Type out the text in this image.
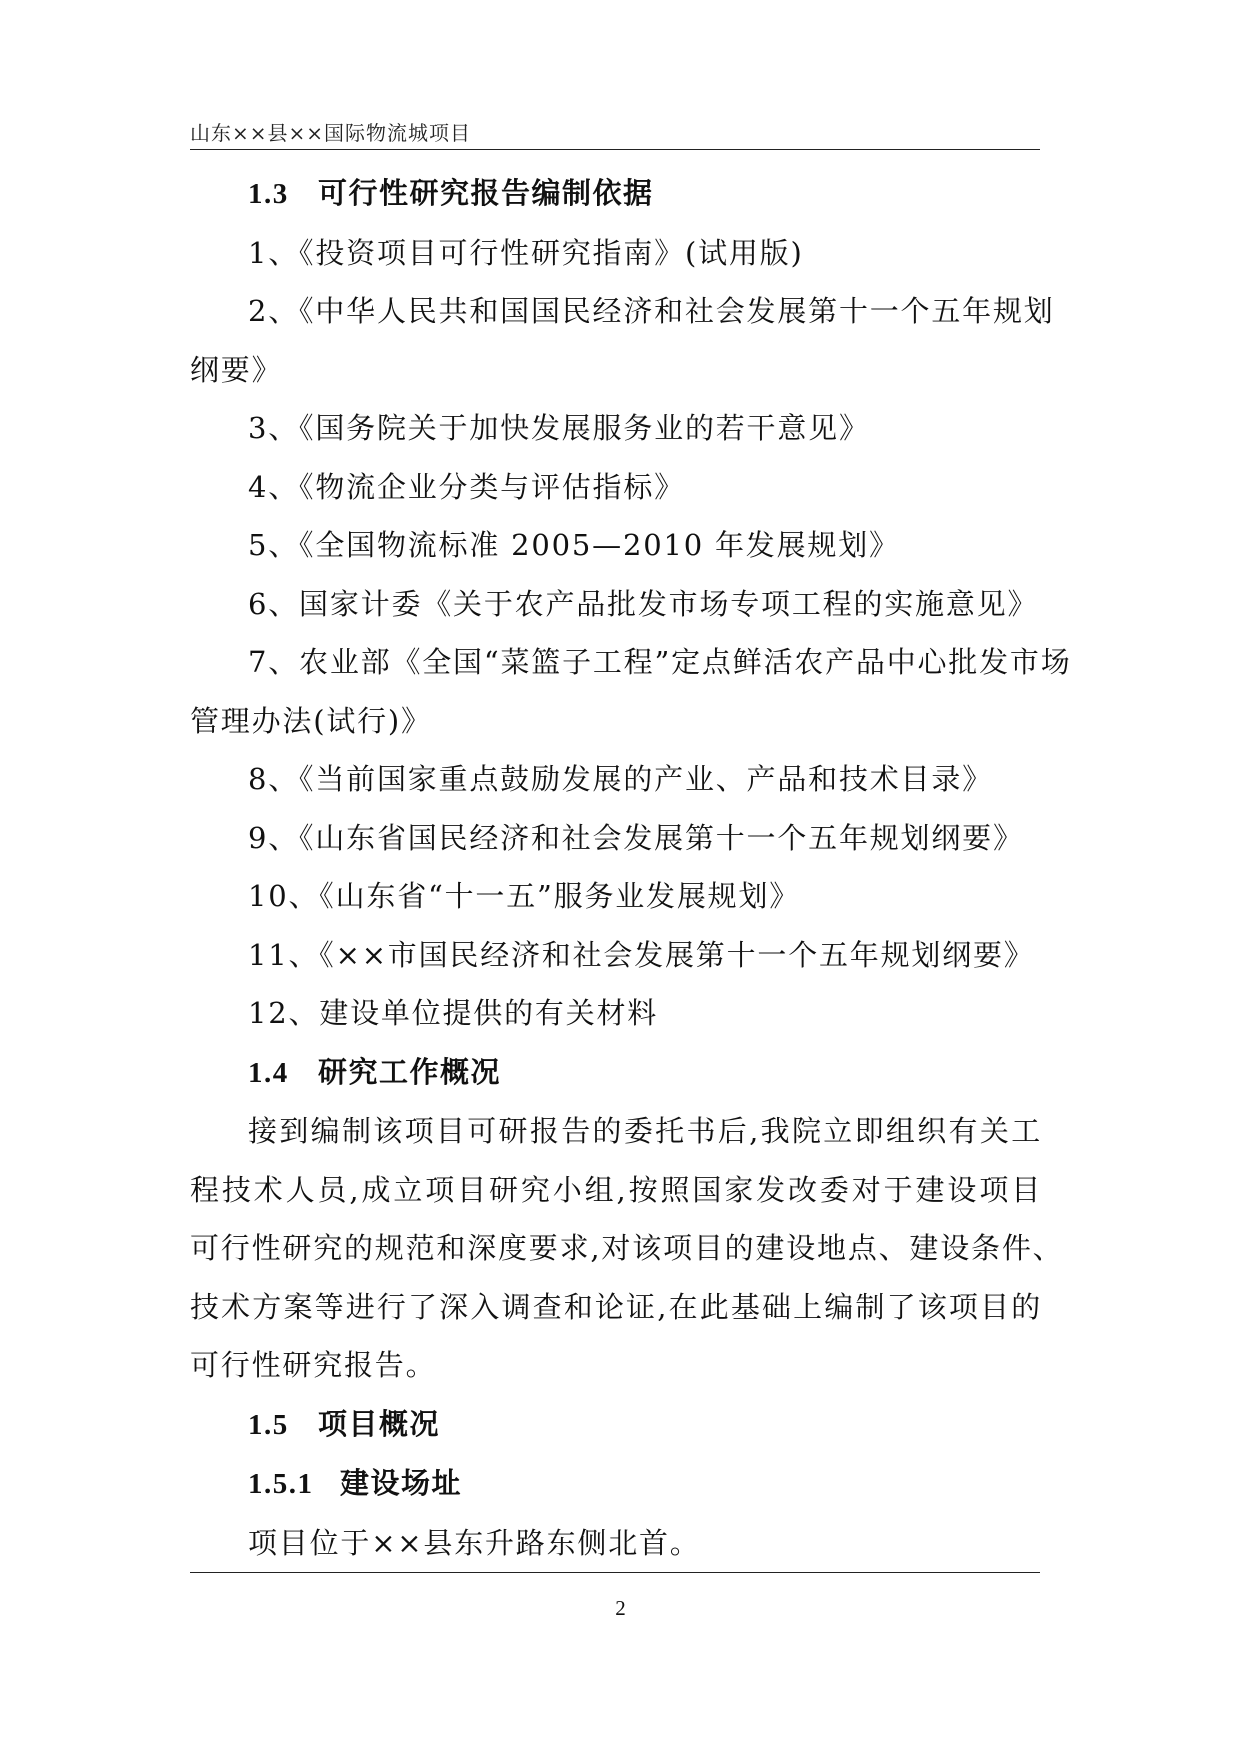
山东××县××国际物流城项目
1.3 可行性研究报告编制依据
1、《投资项目可行性研究指南》(试用版)
2、《中华人民共和国国民经济和社会发展第十一个五年规划
纲要》
3、《国务院关于加快发展服务业的若干意见》
4、《物流企业分类与评估指标》
5、《全国物流标准 2005—2010 年发展规划》
6、国家计委《关于农产品批发市场专项工程的实施意见》
7、农业部《全国“菜篮子工程”定点鲜活农产品中心批发市场
管理办法(试行)》
8、《当前国家重点鼓励发展的产业、产品和技术目录》
9、《山东省国民经济和社会发展第十一个五年规划纲要》
10、《山东省“十一五”服务业发展规划》
11、《××市国民经济和社会发展第十一个五年规划纲要》
12、建设单位提供的有关材料
1.4 研究工作概况
接到编制该项目可研报告的委托书后,我院立即组织有关工
程技术人员,成立项目研究小组,按照国家发改委对于建设项目
可行性研究的规范和深度要求,对该项目的建设地点、建设条件、
技术方案等进行了深入调查和论证,在此基础上编制了该项目的
可行性研究报告。
1.5 项目概况
1.5.1 建设场址
项目位于××县东升路东侧北首。
2
